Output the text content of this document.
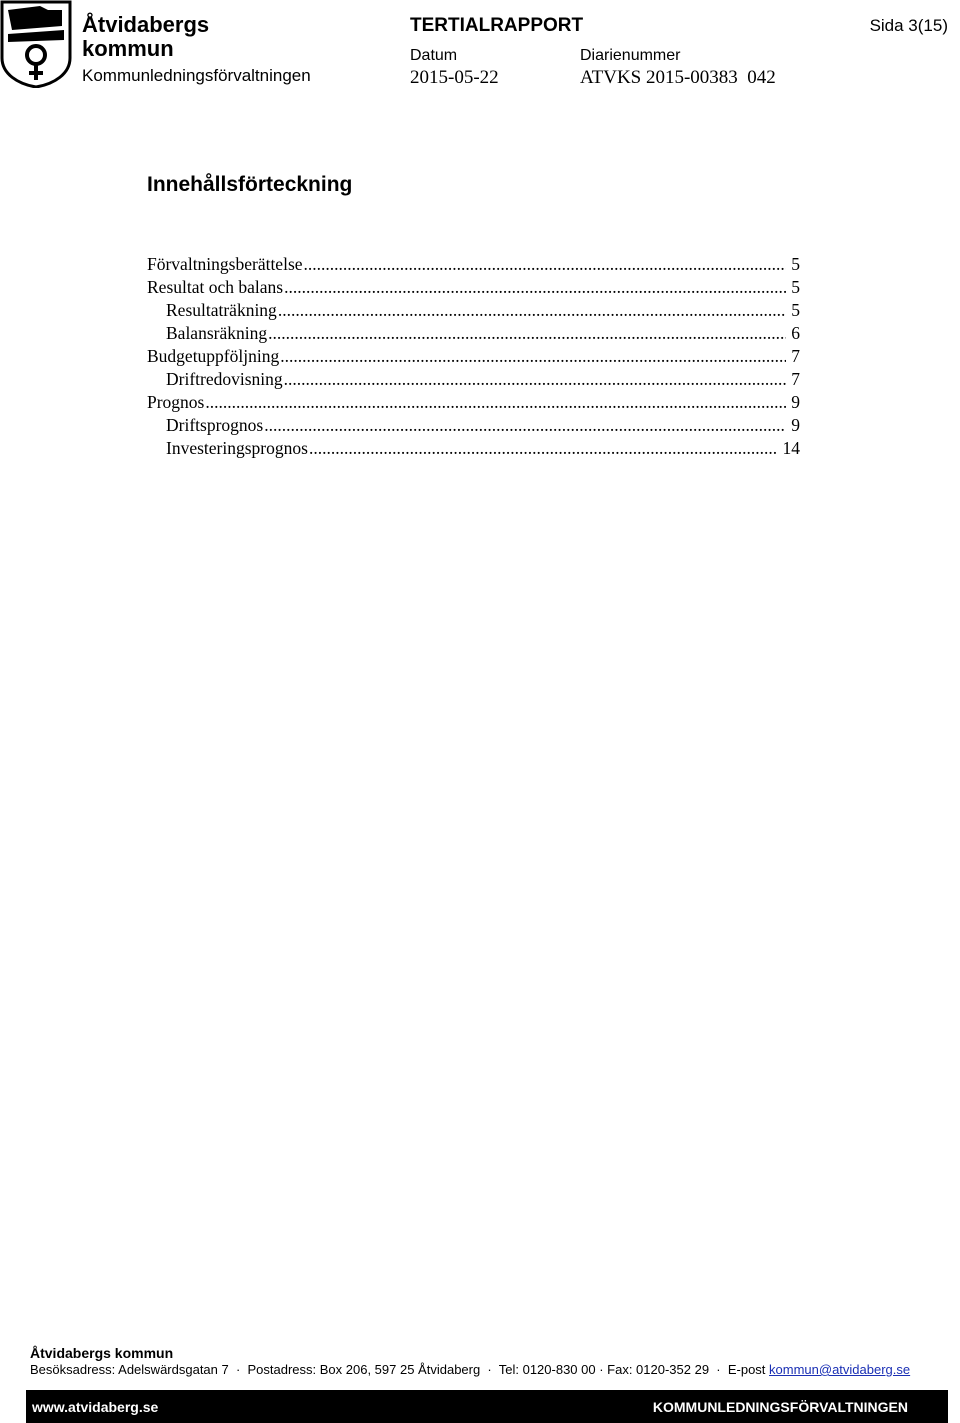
Åtvidabergs
kommun
Kommunledningsförvaltningen
TERTIALRAPPORT	Sida 3(15)
Datum
2015-05-22
Diarienummer
ATVKS 2015-00383  042
Innehållsförteckning
Förvaltningsberättelse .....	5
Resultat och balans .....	5
Resultaträkning .....	5
Balansräkning .....	6
Budgetuppföljning .....	7
Driftredovisning .....	7
Prognos .....	9
Driftsprognos .....	9
Investeringsprognos .....	14
Åtvidabergs kommun
Besöksadress: Adelswärdsgatan 7  ·  Postadress: Box 206, 597 25 Åtvidaberg  ·  Tel: 0120-830 00 · Fax: 0120-352 29  ·  E-post kommun@atvidaberg.se
www.atvidaberg.se	KOMMUNLEDNINGSFÖRVALTNINGEN
